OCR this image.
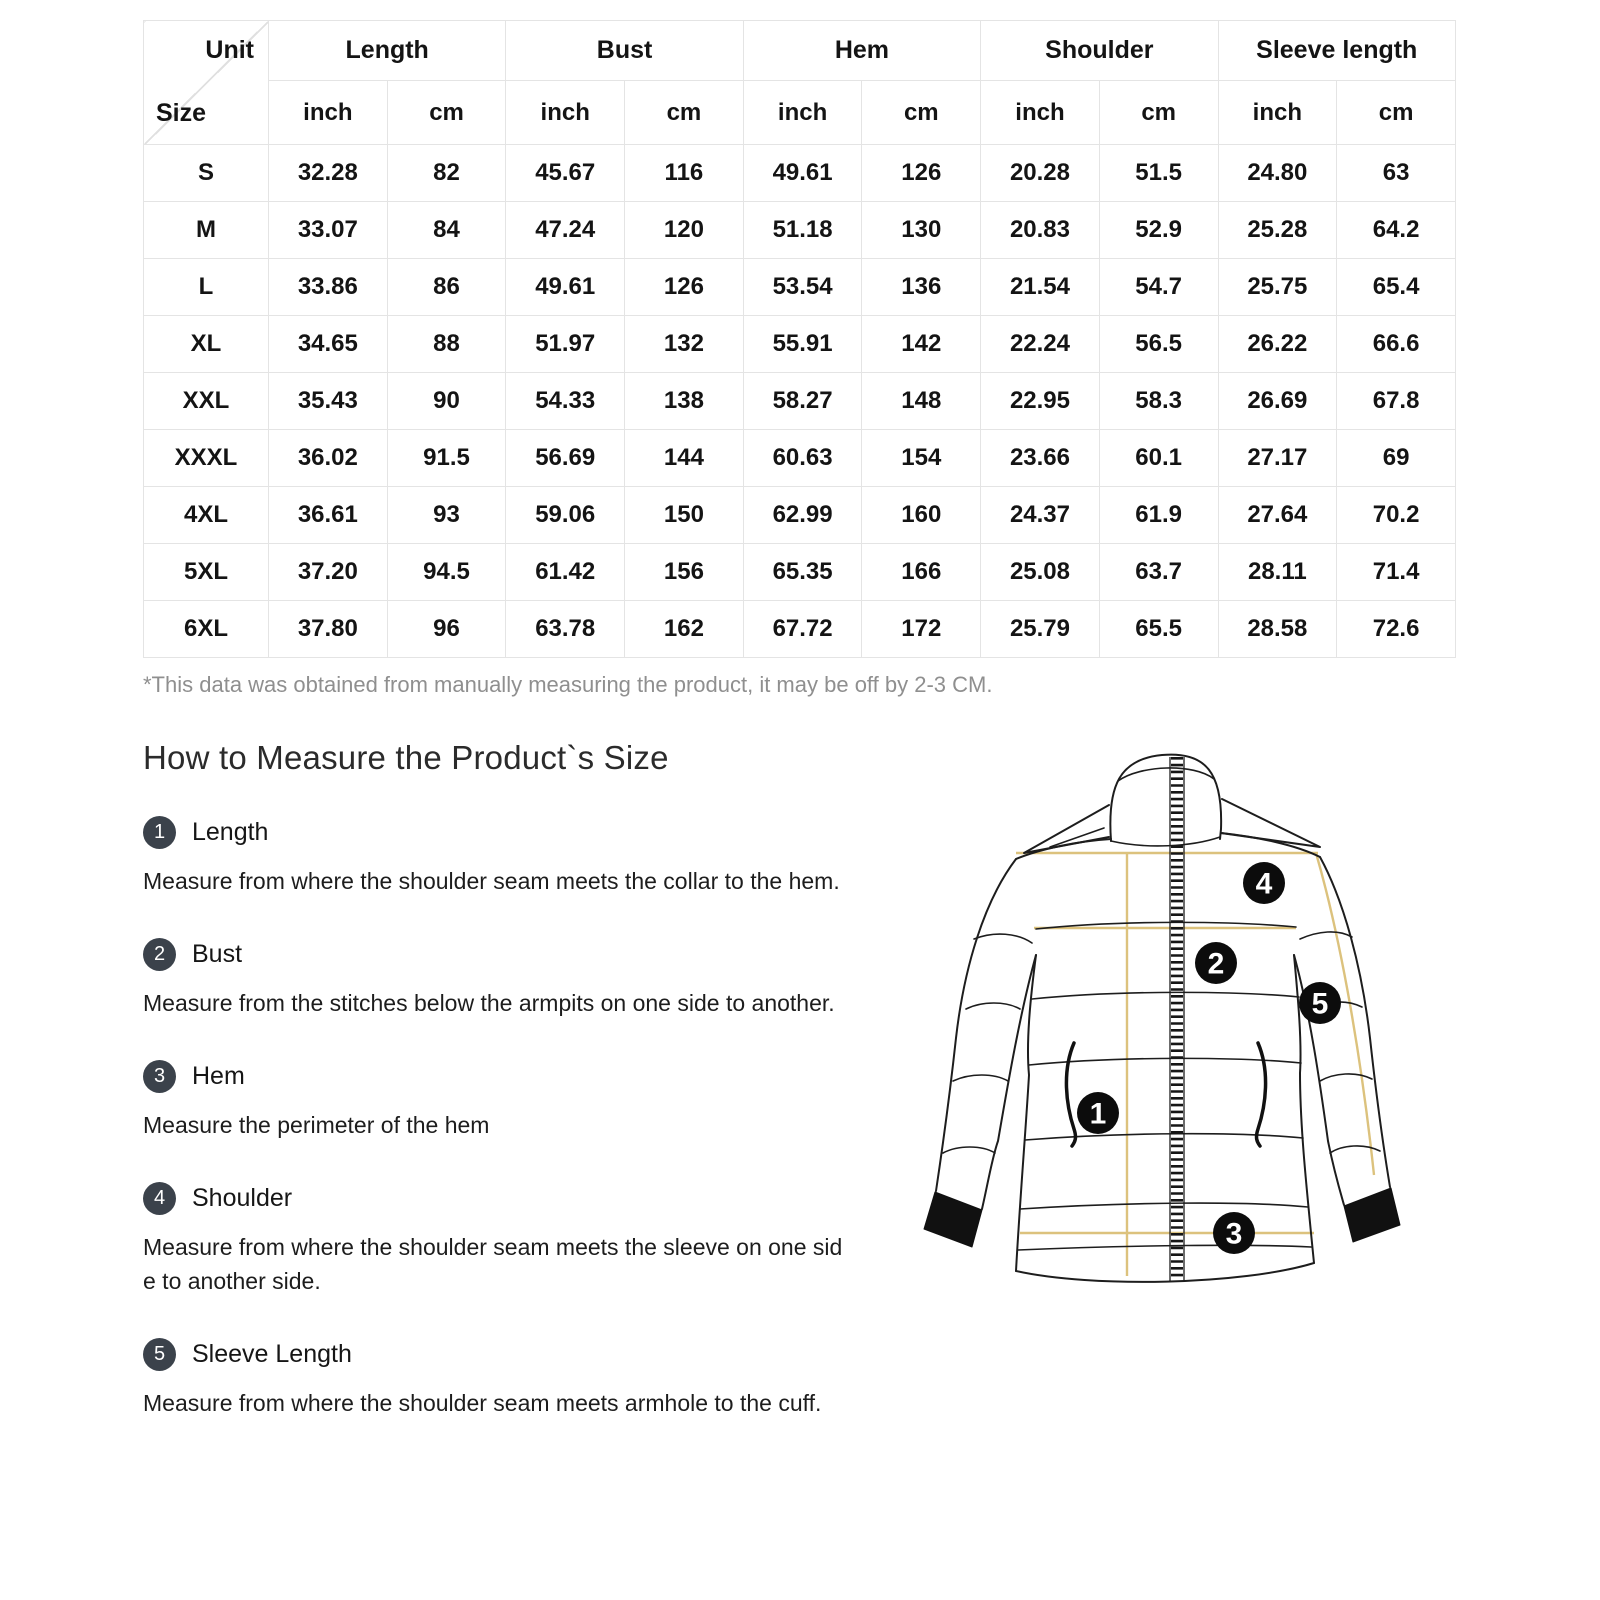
Unit
Size	Length		Bust		Hem		Shoulder		Sleeve length	
	inch	cm	inch	cm	inch	cm	inch	cm	inch	cm
S	32.28	82	45.67	116	49.61	126	20.28	51.5	24.80	63
M	33.07	84	47.24	120	51.18	130	20.83	52.9	25.28	64.2
L	33.86	86	49.61	126	53.54	136	21.54	54.7	25.75	65.4
XL	34.65	88	51.97	132	55.91	142	22.24	56.5	26.22	66.6
XXL	35.43	90	54.33	138	58.27	148	22.95	58.3	26.69	67.8
XXXL	36.02	91.5	56.69	144	60.63	154	23.66	60.1	27.17	69
4XL	36.61	93	59.06	150	62.99	160	24.37	61.9	27.64	70.2
5XL	37.20	94.5	61.42	156	65.35	166	25.08	63.7	28.11	71.4
6XL	37.80	96	63.78	162	67.72	172	25.79	65.5	28.58	72.6
*This data was obtained from manually measuring the product, it may be off by 2-3 CM.
How to Measure the Product`s Size
1	Length

Measure from where the shoulder seam meets the collar to the hem.

2	Bust

Measure from the stitches below the armpits on one side to another.

3	Hem

Measure the perimeter of the hem

4	Shoulder

Measure from where the shoulder seam meets the sleeve on one side to another side.

5	Sleeve Length

Measure from where the shoulder seam meets armhole to the cuff.

1
2
3
4
5
